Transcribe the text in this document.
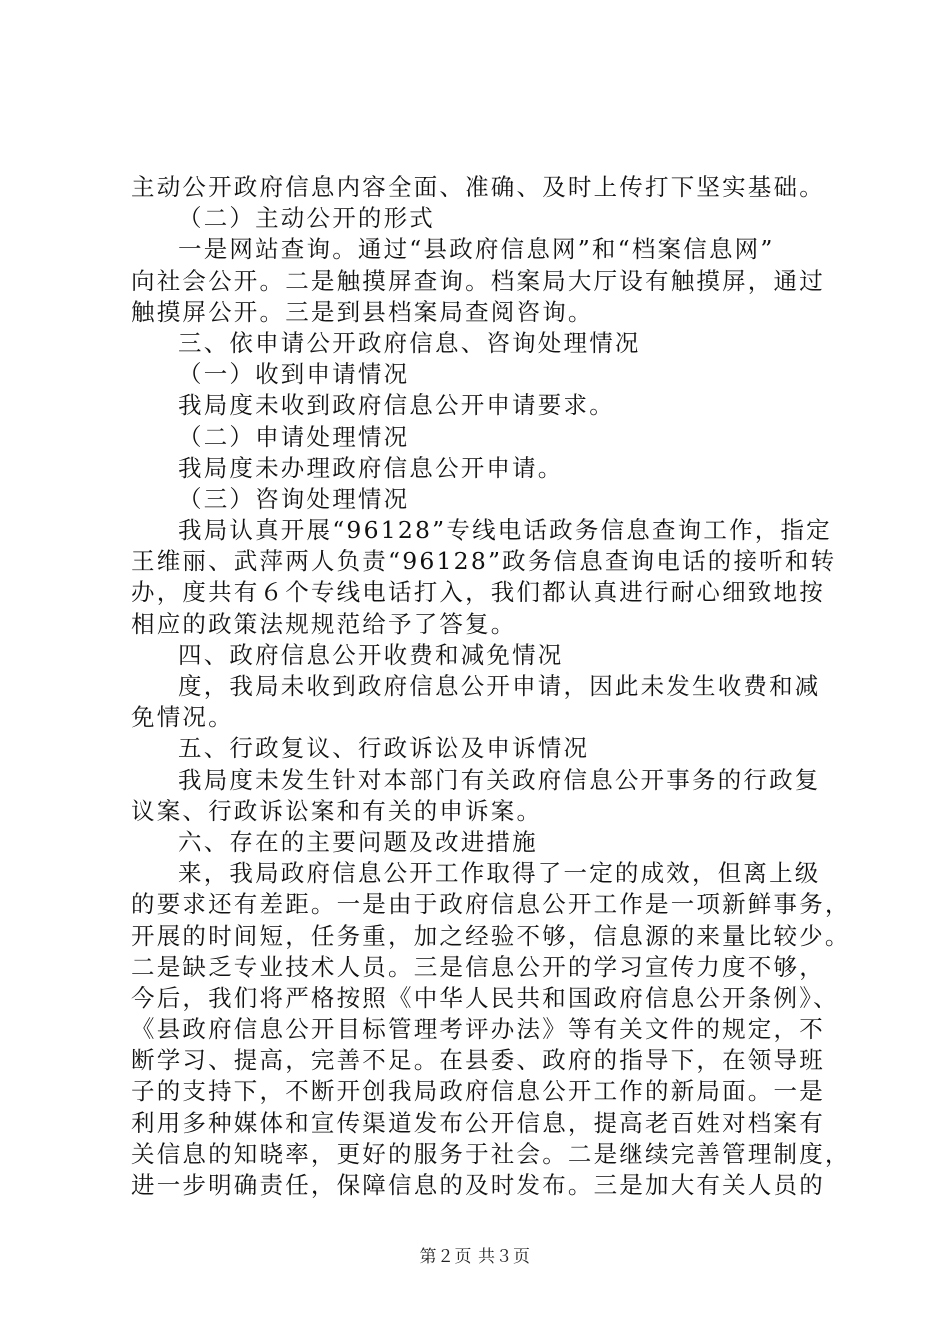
主动公开政府信息内容全面、准确、及时上传打下坚实基础。
（二）主动公开的形式
一是网站查询。通过“县政府信息网”和“档案信息网”
向社会公开。二是触摸屏查询。档案局大厅设有触摸屏，通过
触摸屏公开。三是到县档案局查阅咨询。
三、依申请公开政府信息、咨询处理情况
（一）收到申请情况
我局度未收到政府信息公开申请要求。
（二）申请处理情况
我局度未办理政府信息公开申请。
（三）咨询处理情况
我局认真开展“96128”专线电话政务信息查询工作，指定
王维丽、武萍两人负责“96128”政务信息查询电话的接听和转
办，度共有６个专线电话打入，我们都认真进行耐心细致地按
相应的政策法规规范给予了答复。
四、政府信息公开收费和减免情况
度，我局未收到政府信息公开申请，因此未发生收费和减
免情况。
五、行政复议、行政诉讼及申诉情况
我局度未发生针对本部门有关政府信息公开事务的行政复
议案、行政诉讼案和有关的申诉案。
六、存在的主要问题及改进措施
来，我局政府信息公开工作取得了一定的成效，但离上级
的要求还有差距。一是由于政府信息公开工作是一项新鲜事务，
开展的时间短，任务重，加之经验不够，信息源的来量比较少。
二是缺乏专业技术人员。三是信息公开的学习宣传力度不够，
今后，我们将严格按照《中华人民共和国政府信息公开条例》、
《县政府信息公开目标管理考评办法》等有关文件的规定，不
断学习、提高，完善不足。在县委、政府的指导下，在领导班
子的支持下，不断开创我局政府信息公开工作的新局面。一是
利用多种媒体和宣传渠道发布公开信息，提高老百姓对档案有
关信息的知晓率，更好的服务于社会。二是继续完善管理制度，
进一步明确责任，保障信息的及时发布。三是加大有关人员的
第２页 共３页
